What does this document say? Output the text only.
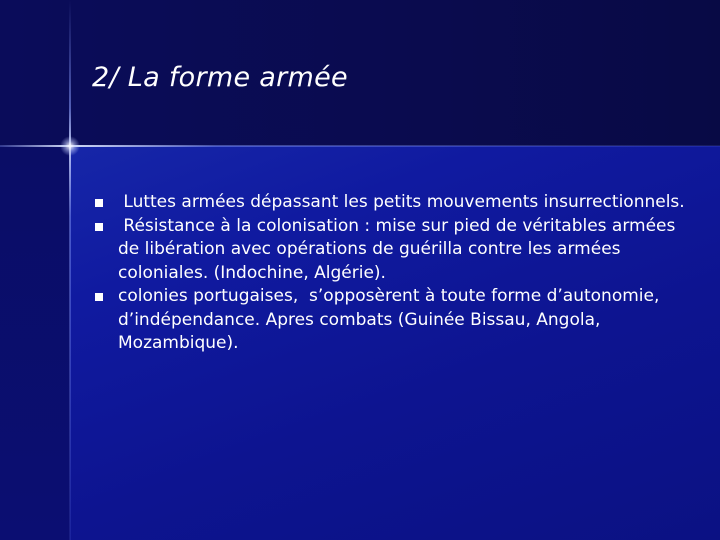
2/ La forme armée
Luttes armées dépassant les petits mouvements insurrectionnels.
Résistance à la colonisation : mise sur pied de véritables armées de libération avec opérations de guérilla contre les armées coloniales. (Indochine, Algérie).
colonies portugaises,  s’opposèrent à toute forme d’autonomie,  d’indépendance. Apres combats (Guinée Bissau, Angola, Mozambique).
